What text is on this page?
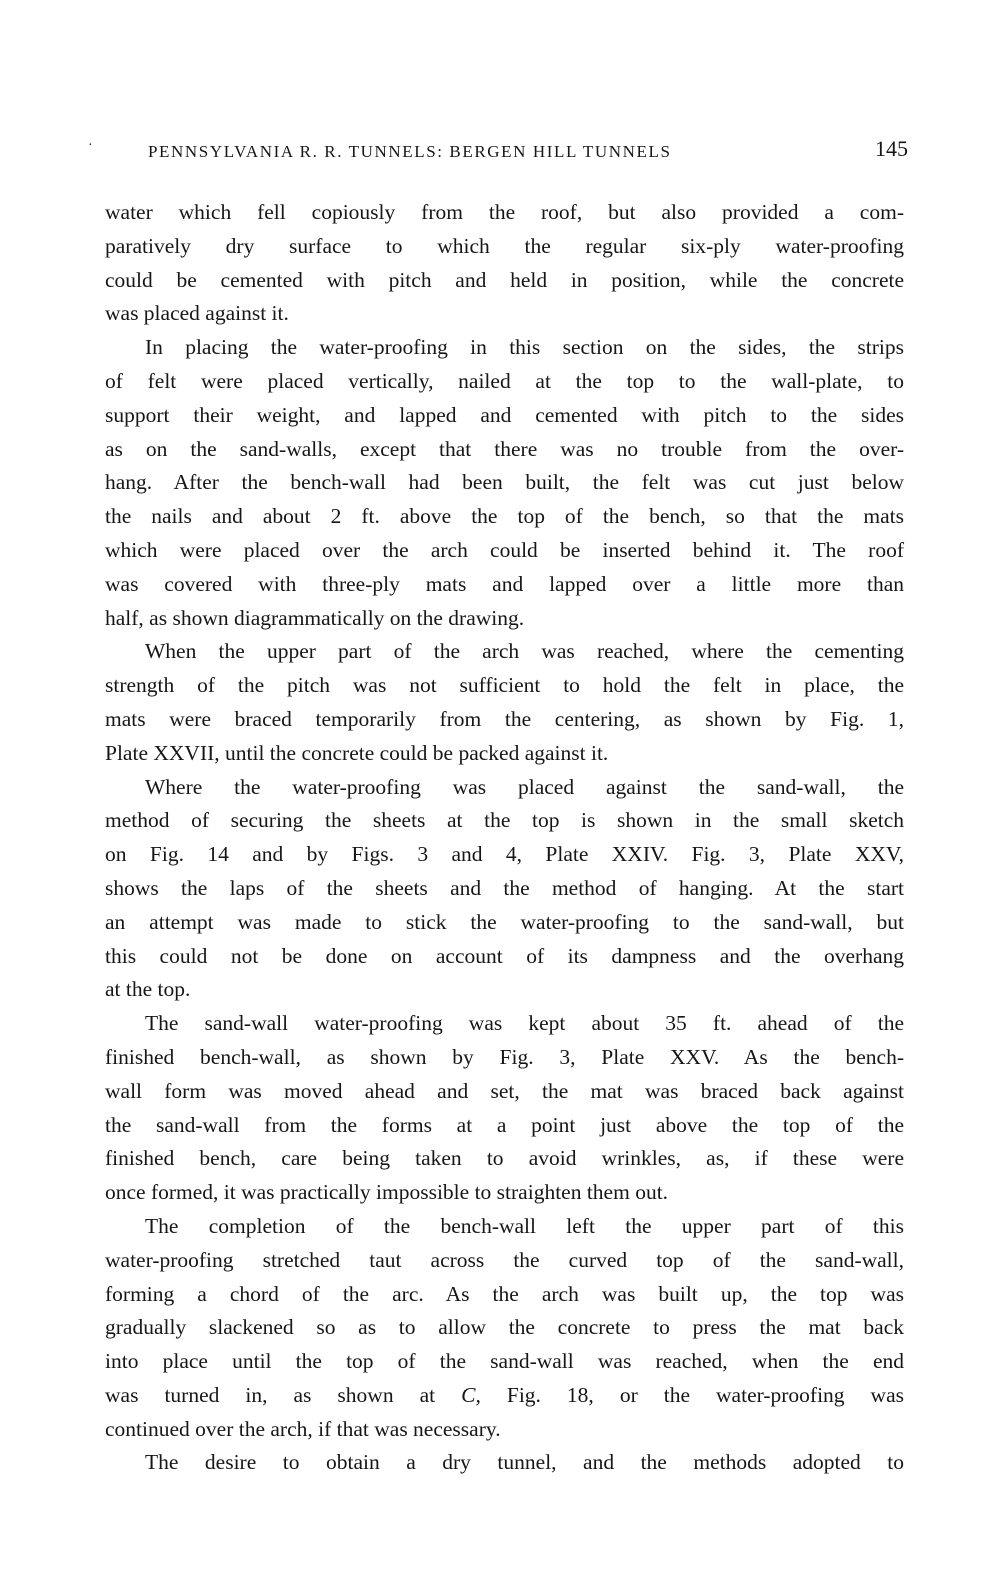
·	PENNSYLVANIA R. R. TUNNELS: BERGEN HILL TUNNELS	145
water which fell copiously from the roof, but also provided a com-
paratively dry surface to which the regular six-ply water-proofing
could be cemented with pitch and held in position, while the concrete
was placed against it.
In placing the water-proofing in this section on the sides, the strips
of felt were placed vertically, nailed at the top to the wall-plate, to
support their weight, and lapped and cemented with pitch to the sides
as on the sand-walls, except that there was no trouble from the over-
hang. After the bench-wall had been built, the felt was cut just below
the nails and about 2 ft. above the top of the bench, so that the mats
which were placed over the arch could be inserted behind it. The roof
was covered with three-ply mats and lapped over a little more than
half, as shown diagrammatically on the drawing.
When the upper part of the arch was reached, where the cementing
strength of the pitch was not sufficient to hold the felt in place, the
mats were braced temporarily from the centering, as shown by Fig. 1,
Plate XXVII, until the concrete could be packed against it.
Where the water-proofing was placed against the sand-wall, the
method of securing the sheets at the top is shown in the small sketch
on Fig. 14 and by Figs. 3 and 4, Plate XXIV. Fig. 3, Plate XXV,
shows the laps of the sheets and the method of hanging. At the start
an attempt was made to stick the water-proofing to the sand-wall, but
this could not be done on account of its dampness and the overhang
at the top.
The sand-wall water-proofing was kept about 35 ft. ahead of the
finished bench-wall, as shown by Fig. 3, Plate XXV. As the bench-
wall form was moved ahead and set, the mat was braced back against
the sand-wall from the forms at a point just above the top of the
finished bench, care being taken to avoid wrinkles, as, if these were
once formed, it was practically impossible to straighten them out.
The completion of the bench-wall left the upper part of this
water-proofing stretched taut across the curved top of the sand-wall,
forming a chord of the arc. As the arch was built up, the top was
gradually slackened so as to allow the concrete to press the mat back
into place until the top of the sand-wall was reached, when the end
was turned in, as shown at C, Fig. 18, or the water-proofing was
continued over the arch, if that was necessary.
The desire to obtain a dry tunnel, and the methods adopted to
